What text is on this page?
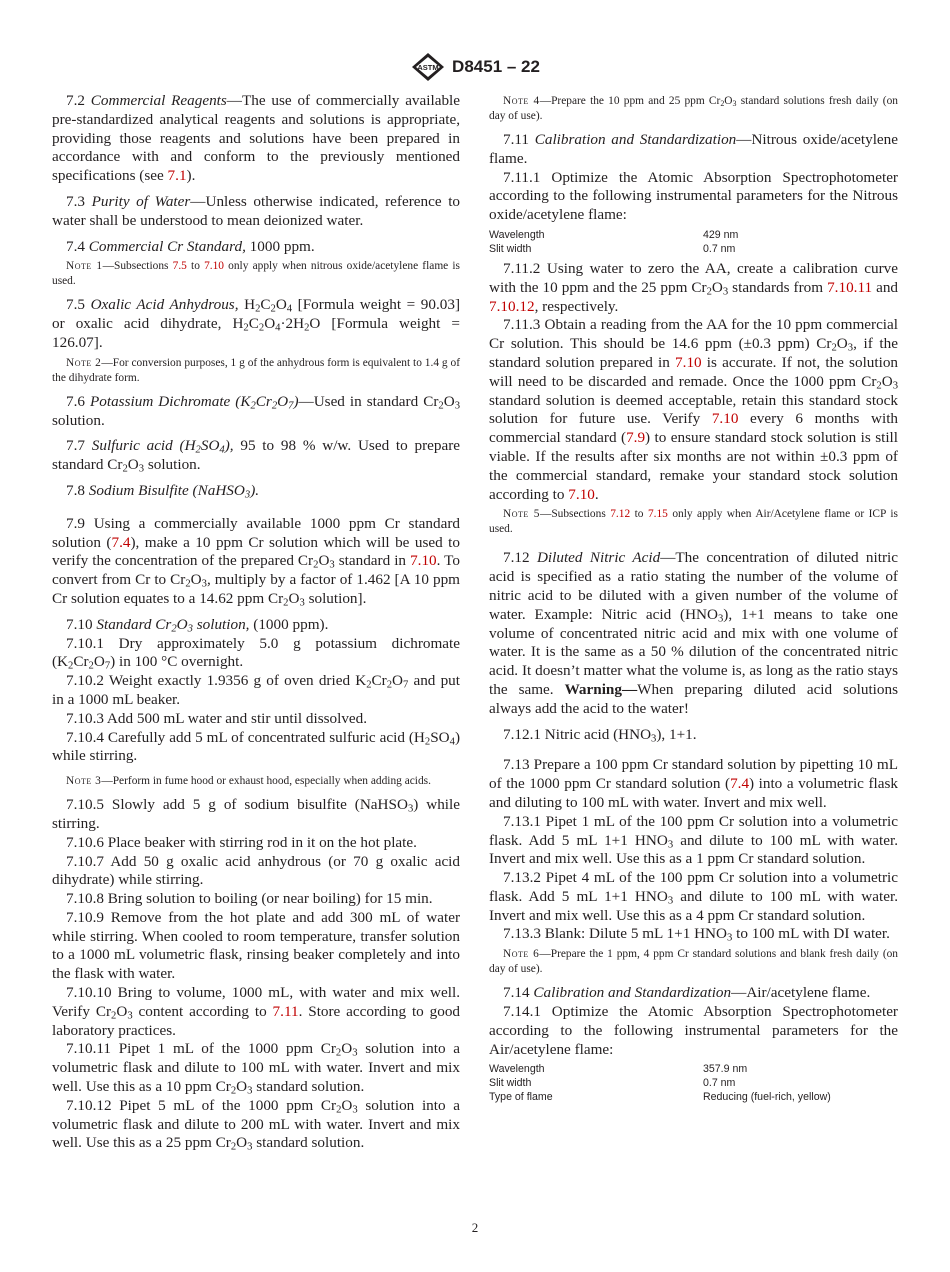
ASTM D8451 – 22

7.2 Commercial Reagents—The use of commercially available pre-standardized analytical reagents and solutions is appropriate, providing those reagents and solutions have been prepared in accordance with and conform to the previously mentioned specifications (see 7.1).

7.3 Purity of Water—Unless otherwise indicated, reference to water shall be understood to mean deionized water.

7.4 Commercial Cr Standard, 1000 ppm.

Note 1—Subsections 7.5 to 7.10 only apply when nitrous oxide/acetylene flame is used.

7.5 Oxalic Acid Anhydrous, $H_2C_2O_4$ [Formula weight = 90.03] or oxalic acid dihydrate, $H_2C_2O_4\cdot 2H_2O$ [Formula weight = 126.07].

Note 2—For conversion purposes, 1 g of the anhydrous form is equivalent to 1.4 g of the dihydrate form.

7.6 Potassium Dichromate $(K_2Cr_2O_7)—Used$ in standard $Cr_2O_3$ solution.

7.7 Sulfuric acid $(H_2SO_4)$, 95 to 98 % w/w. Used to prepare standard $Cr_2O_3$ solution.

7.8 Sodium Bisulfite (NaHSO$_3$).

7.9 Using a commercially available 1000 ppm Cr standard solution (7.4), make a 10 ppm Cr solution which will be used to verify the concentration of the prepared $Cr_2O_3$ standard in 7.10. To convert from Cr to $Cr_2O_3$, multiply by a factor of 1.462 [A 10 ppm Cr solution equates to a 14.62 ppm $Cr_2O_3$ solution].

7.10 Standard $Cr_2O_3$ solution, (1000 ppm).

7.10.1 Dry approximately 5.0 g potassium dichromate $(K_2Cr_2O_7)$ in 100 °C overnight.

7.10.2 Weight exactly 1.9356 g of oven dried $K_2Cr_2O_7$ and put in a 1000 mL beaker.

7.10.3 Add 500 mL water and stir until dissolved.

7.10.4 Carefully add 5 mL of concentrated sulfuric acid $(H_2SO_4)$ while stirring.

Note 3—Perform in fume hood or exhaust hood, especially when adding acids.

7.10.5 Slowly add 5 g of sodium bisulfite (NaHSO$_3$) while stirring.

7.10.6 Place beaker with stirring rod in it on the hot plate.

7.10.7 Add 50 g oxalic acid anhydrous (or 70 g oxalic acid dihydrate) while stirring.

7.10.8 Bring solution to boiling (or near boiling) for 15 min.

7.10.9 Remove from the hot plate and add 300 mL of water while stirring. When cooled to room temperature, transfer solution to a 1000 mL volumetric flask, rinsing beaker completely and into the flask with water.

7.10.10 Bring to volume, 1000 mL, with water and mix well. Verify $Cr_2O_3$ content according to 7.11. Store according to good laboratory practices.

7.10.11 Pipet 1 mL of the 1000 ppm $Cr_2O_3$ solution into a volumetric flask and dilute to 100 mL with water. Invert and mix well. Use this as a 10 ppm $Cr_2O_3$ standard solution.

7.10.12 Pipet 5 mL of the 1000 ppm $Cr_2O_3$ solution into a volumetric flask and dilute to 200 mL with water. Invert and mix well. Use this as a 25 ppm $Cr_2O_3$ standard solution.

Note 4—Prepare the 10 ppm and 25 ppm $Cr_2O_3$ standard solutions fresh daily (on day of use).

7.11 Calibration and Standardization—Nitrous oxide/acetylene flame.

7.11.1 Optimize the Atomic Absorption Spectrophotometer according to the following instrumental parameters for the Nitrous oxide/acetylene flame:

Wavelength	429 nm
Slit width	0.7 nm

7.11.2 Using water to zero the AA, create a calibration curve with the 10 ppm and the 25 ppm $Cr_2O_3$ standards from 7.10.11 and 7.10.12, respectively.

7.11.3 Obtain a reading from the AA for the 10 ppm commercial Cr solution. This should be 14.6 ppm (±0.3 ppm) $Cr_2O_3$, if the standard solution prepared in 7.10 is accurate. If not, the solution will need to be discarded and remade. Once the 1000 ppm $Cr_2O_3$ standard solution is deemed acceptable, retain this standard stock solution for future use. Verify 7.10 every 6 months with commercial standard (7.9) to ensure standard stock solution is still viable. If the results after six months are not within ±0.3 ppm of the commercial standard, remake your standard stock solution according to 7.10.

Note 5—Subsections 7.12 to 7.15 only apply when Air/Acetylene flame or ICP is used.

7.12 Diluted Nitric Acid—The concentration of diluted nitric acid is specified as a ratio stating the number of the volume of nitric acid to be diluted with a given number of the volume of water. Example: Nitric acid $(HNO_3)$, 1+1 means to take one volume of concentrated nitric acid and mix with one volume of water. It is the same as a 50 % dilution of the concentrated nitric acid. It doesn’t matter what the volume is, as long as the ratio stays the same. Warning—When preparing diluted acid solutions always add the acid to the water!

7.12.1 Nitric acid $(HNO_3)$, 1+1.

7.13 Prepare a 100 ppm Cr standard solution by pipetting 10 mL of the 1000 ppm Cr standard solution (7.4) into a volumetric flask and diluting to 100 mL with water. Invert and mix well.

7.13.1 Pipet 1 mL of the 100 ppm Cr solution into a volumetric flask. Add 5 mL 1+1 $HNO_3$ and dilute to 100 mL with water. Invert and mix well. Use this as a 1 ppm Cr standard solution.

7.13.2 Pipet 4 mL of the 100 ppm Cr solution into a volumetric flask. Add 5 mL 1+1 $HNO_3$ and dilute to 100 mL with water. Invert and mix well. Use this as a 4 ppm Cr standard solution.

7.13.3 Blank: Dilute 5 mL 1+1 $HNO_3$ to 100 mL with DI water.

Note 6—Prepare the 1 ppm, 4 ppm Cr standard solutions and blank fresh daily (on day of use).

7.14 Calibration and Standardization—Air/acetylene flame.

7.14.1 Optimize the Atomic Absorption Spectrophotometer according to the following instrumental parameters for the Air/acetylene flame:

Wavelength	357.9 nm
Slit width	0.7 nm
Type of flame	Reducing (fuel-rich, yellow)
2
